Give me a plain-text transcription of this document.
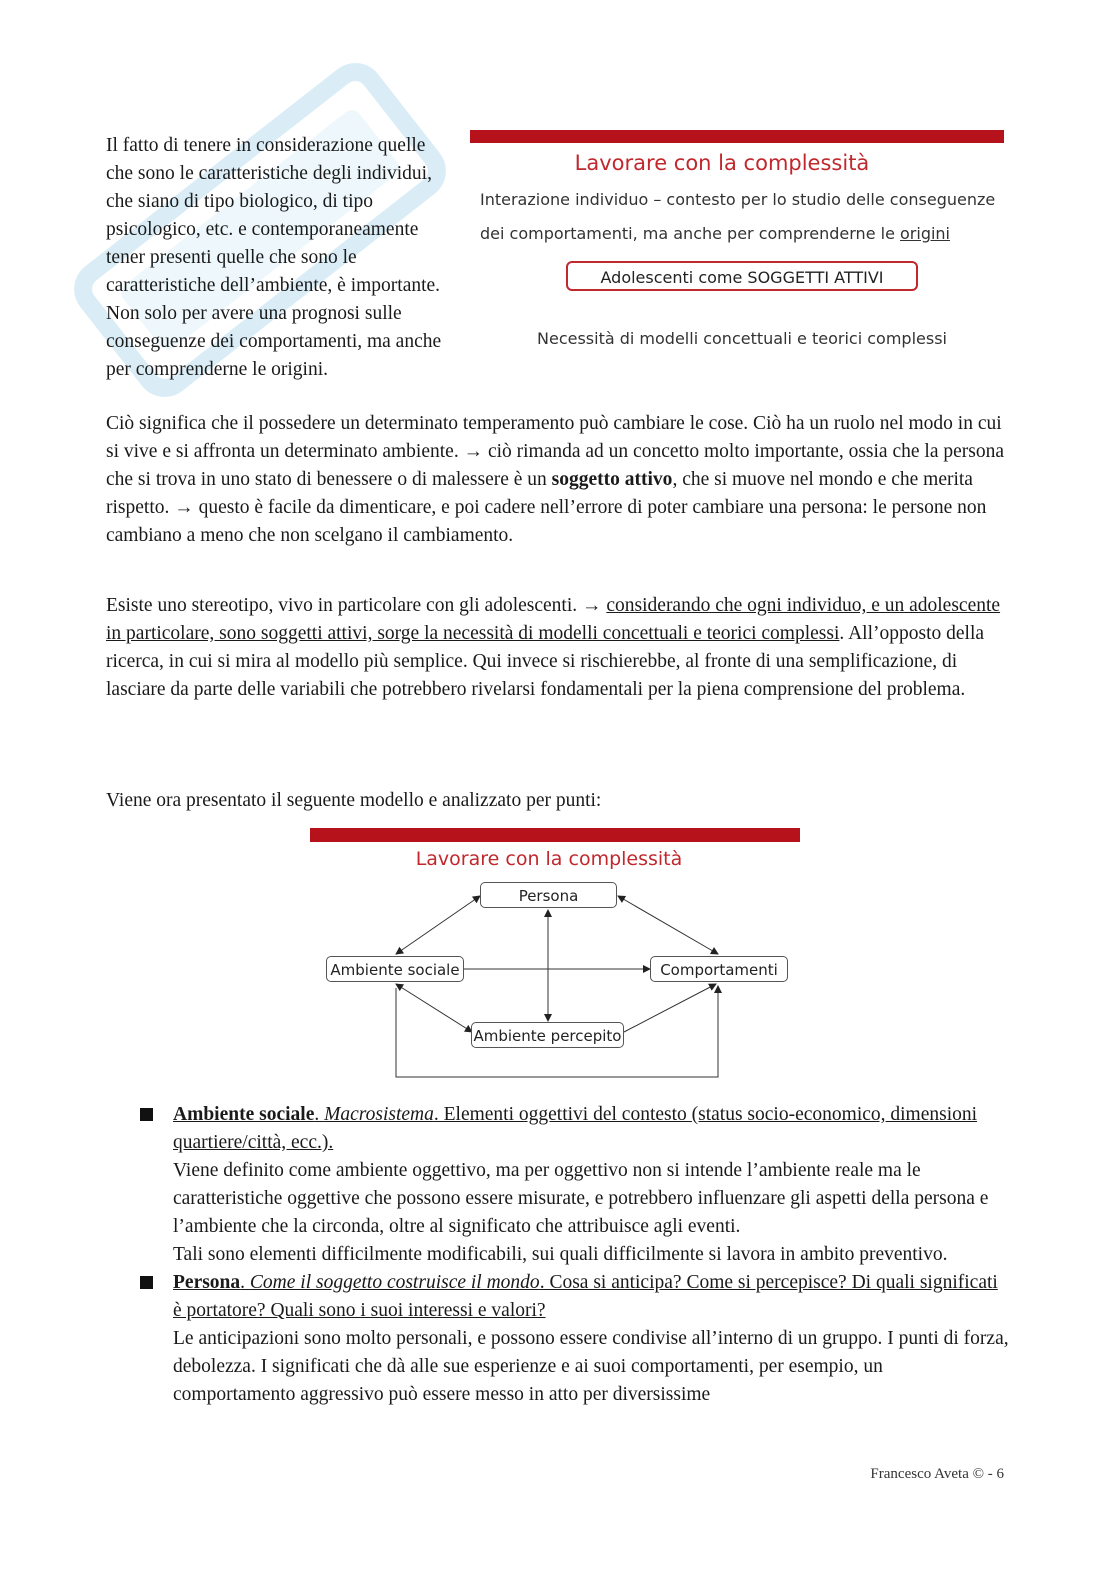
Il fatto di tenere in considerazione quelle che sono le caratteristiche degli individui, che siano di tipo biologico, di tipo psicologico, etc. e contemporaneamente tener presenti quelle che sono le caratteristiche dell’ambiente, è importante. Non solo per avere una prognosi sulle conseguenze dei comportamenti, ma anche per comprenderne le origini.
Lavorare con la complessità
Interazione individuo – contesto per lo studio delle conseguenze
dei comportamenti, ma anche per comprenderne le origini
Adolescenti come SOGGETTI ATTIVI
Necessità di modelli concettuali e teorici complessi
Ciò significa che il possedere un determinato temperamento può cambiare le cose. Ciò ha un ruolo nel modo in cui si vive e si affronta un determinato ambiente. → ciò rimanda ad un concetto molto importante, ossia che la persona che si trova in uno stato di benessere o di malessere è un soggetto attivo, che si muove nel mondo e che merita rispetto. → questo è facile da dimenticare, e poi cadere nell’errore di poter cambiare una persona: le persone non cambiano a meno che non scelgano il cambiamento.
Esiste uno stereotipo, vivo in particolare con gli adolescenti. → considerando che ogni individuo, e un adolescente in particolare, sono soggetti attivi, sorge la necessità di modelli concettuali e teorici complessi. All’opposto della ricerca, in cui si mira al modello più semplice. Qui invece si rischierebbe, al fronte di una semplificazione, di lasciare da parte delle variabili che potrebbero rivelarsi fondamentali per la piena comprensione del problema.
Viene ora presentato il seguente modello e analizzato per punti:
Lavorare con la complessità
Persona
Ambiente sociale	Comportamenti
Ambiente percepito
Ambiente sociale. Macrosistema. Elementi oggettivi del contesto (status socio-economico, dimensioni quartiere/città, ecc.).
Viene definito come ambiente oggettivo, ma per oggettivo non si intende l’ambiente reale ma le caratteristiche oggettive che possono essere misurate, e potrebbero influenzare gli aspetti della persona e l’ambiente che la circonda, oltre al significato che attribuisce agli eventi.
Tali sono elementi difficilmente modificabili, sui quali difficilmente si lavora in ambito preventivo.
Persona. Come il soggetto costruisce il mondo. Cosa si anticipa? Come si percepisce? Di quali significati è portatore? Quali sono i suoi interessi e valori?
Le anticipazioni sono molto personali, e possono essere condivise all’interno di un gruppo. I punti di forza, debolezza. I significati che dà alle sue esperienze e ai suoi comportamenti, per esempio, un comportamento aggressivo può essere messo in atto per diversissime
Francesco Aveta © - 6
